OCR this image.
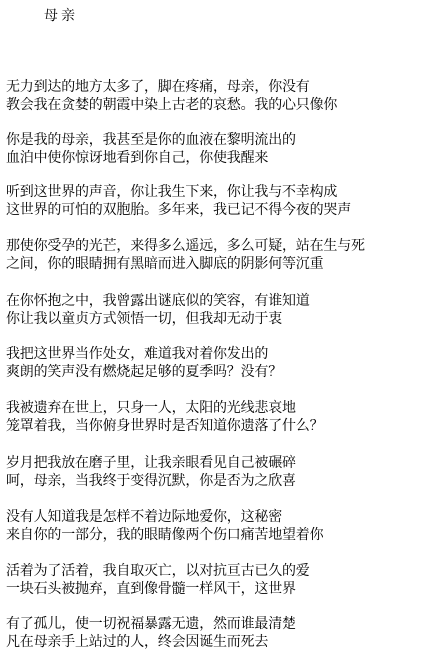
母亲
无力到达的地方太多了，脚在疼痛，母亲，你没有
教会我在贪婪的朝霞中染上古老的哀愁。我的心只像你
你是我的母亲，我甚至是你的血液在黎明流出的
血泊中使你惊讶地看到你自己，你使我醒来
听到这世界的声音，你让我生下来，你让我与不幸构成
这世界的可怕的双胞胎。多年来，我已记不得今夜的哭声
那使你受孕的光芒，来得多么遥远，多么可疑，站在生与死
之间，你的眼睛拥有黑暗而进入脚底的阴影何等沉重
在你怀抱之中，我曾露出谜底似的笑容，有谁知道
你让我以童贞方式领悟一切，但我却无动于衷
我把这世界当作处女，难道我对着你发出的
爽朗的笑声没有燃烧起足够的夏季吗？没有？
我被遗弃在世上，只身一人，太阳的光线悲哀地
笼罩着我，当你俯身世界时是否知道你遗落了什么？
岁月把我放在磨子里，让我亲眼看见自己被碾碎
呵，母亲，当我终于变得沉默，你是否为之欣喜
没有人知道我是怎样不着边际地爱你，这秘密
来自你的一部分，我的眼睛像两个伤口痛苦地望着你
活着为了活着，我自取灭亡，以对抗亘古已久的爱
一块石头被抛弃，直到像骨髓一样风干，这世界
有了孤儿，使一切祝福暴露无遗，然而谁最清楚
凡在母亲手上站过的人，终会因诞生而死去
